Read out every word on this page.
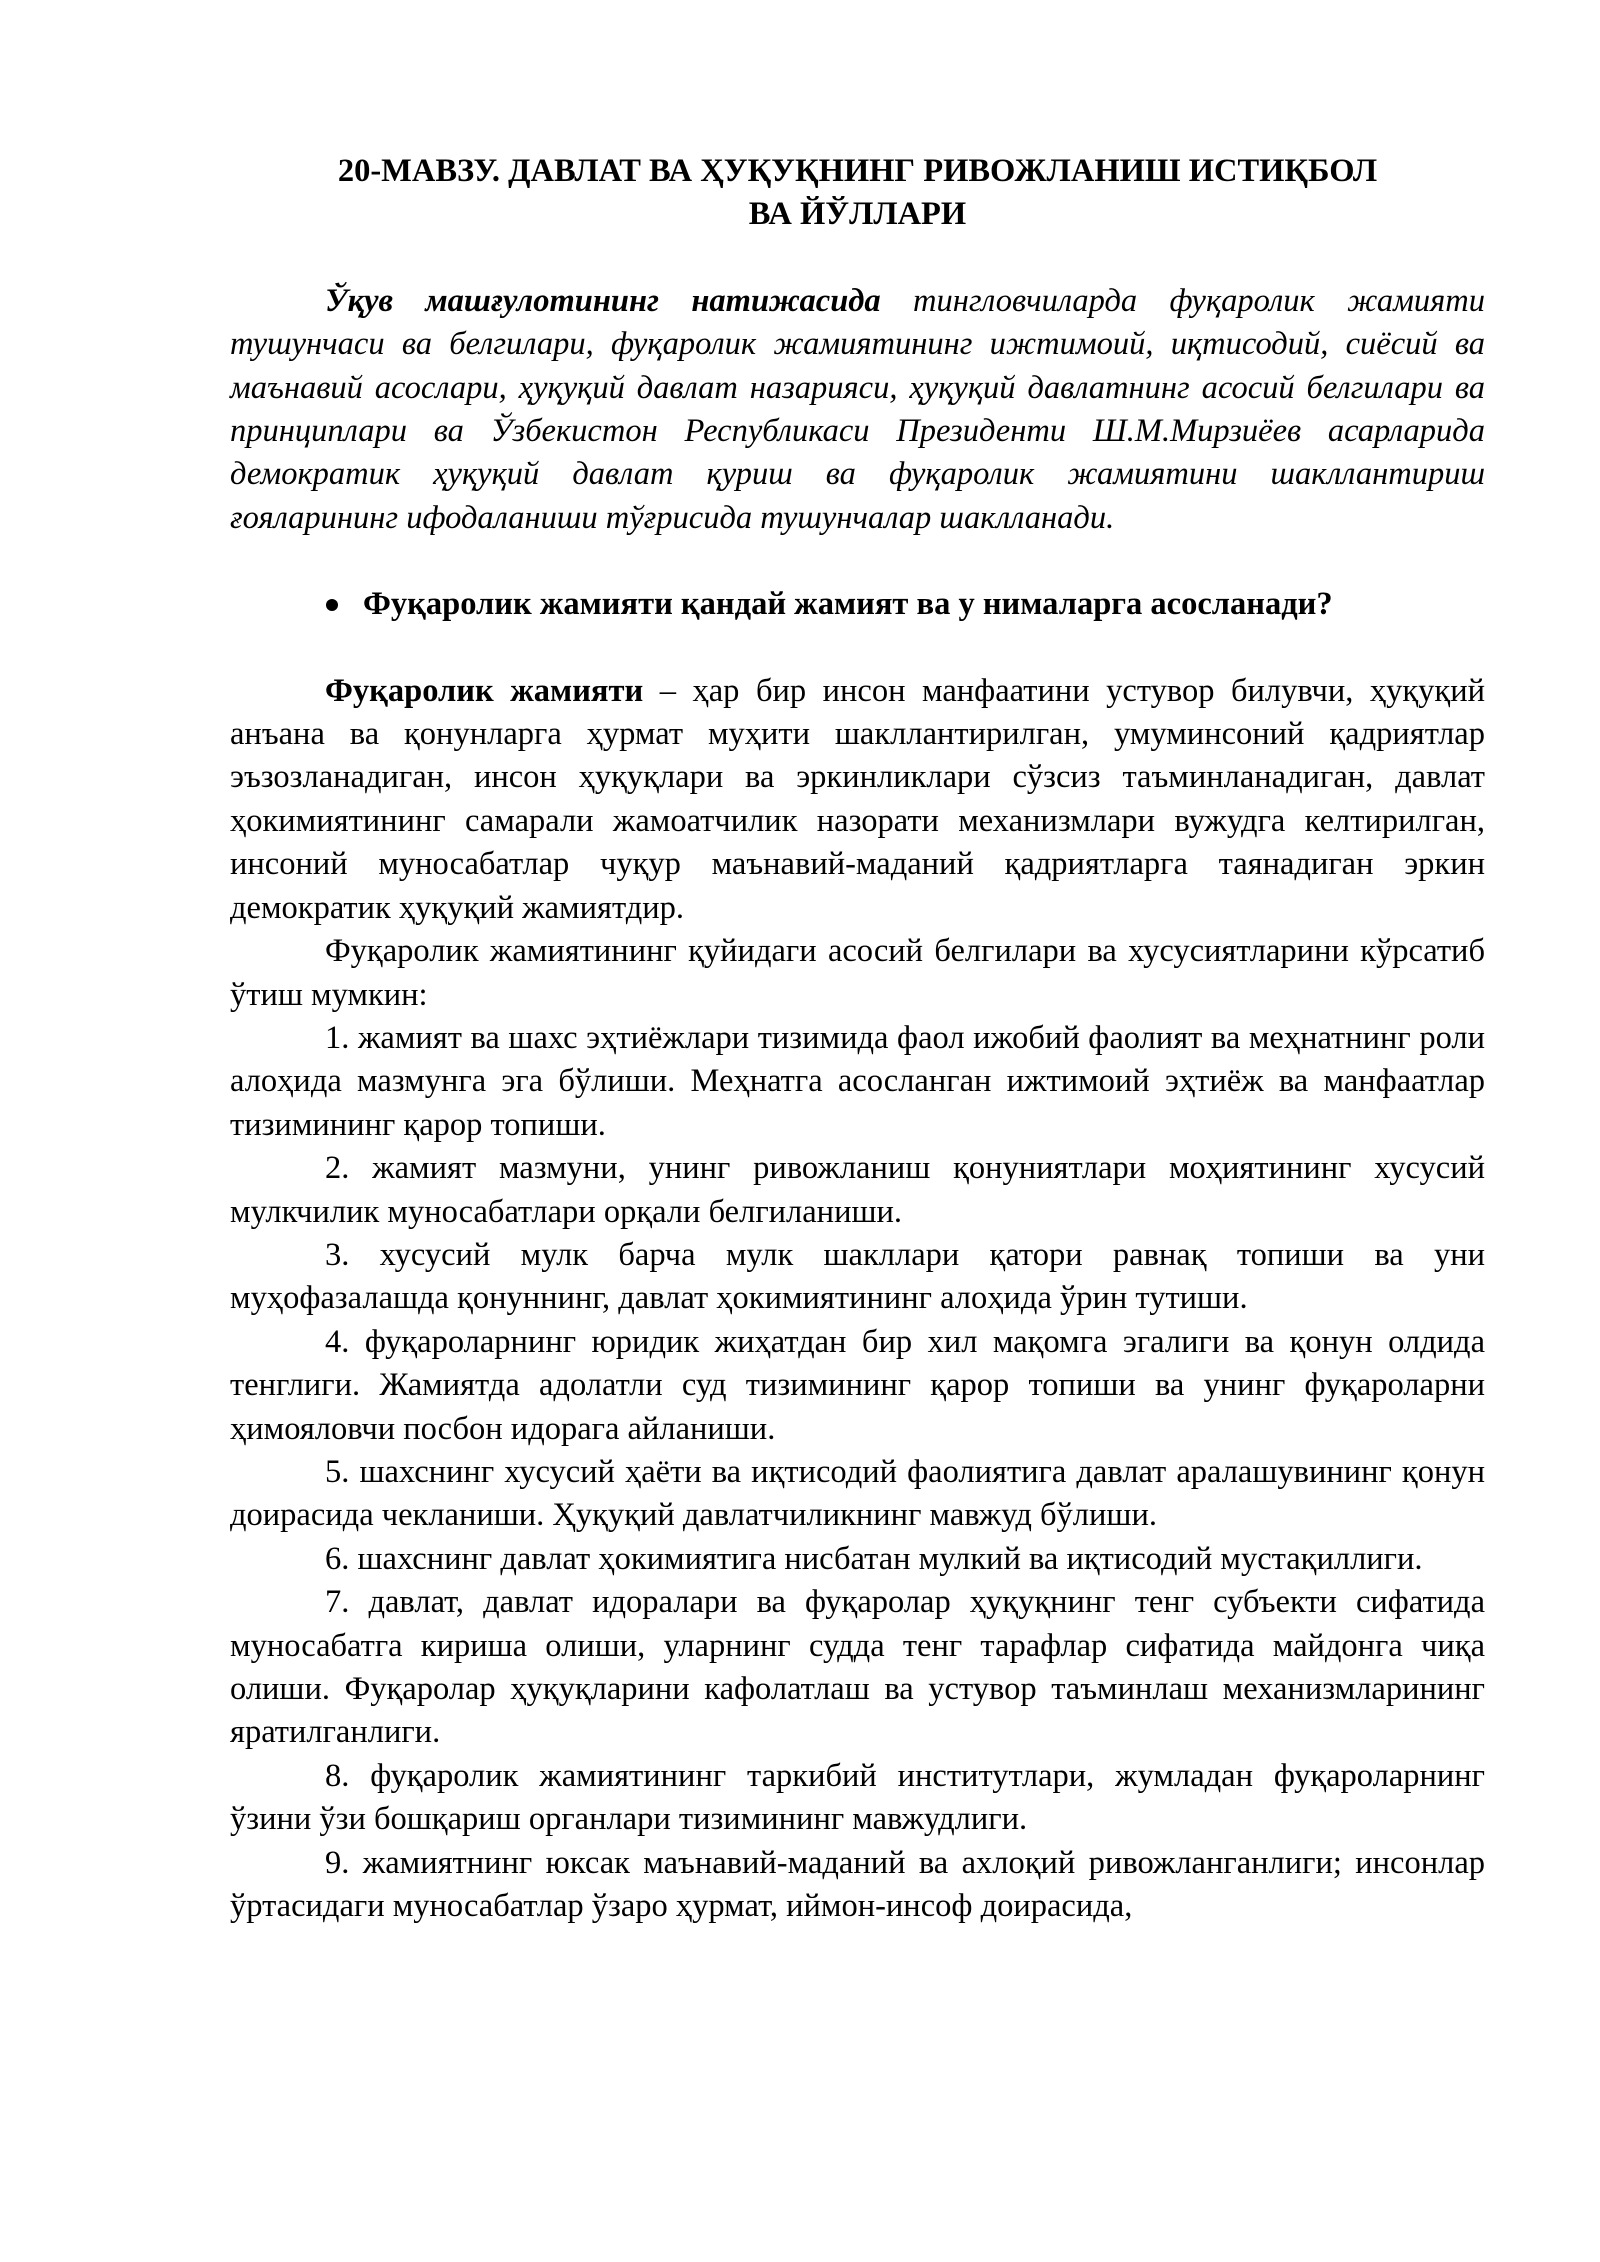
20-МАВЗУ. ДАВЛАТ ВА ҲУҚУҚНИНГ РИВОЖЛАНИШ ИСТИҚБОЛ
ВА ЙЎЛЛАРИ

Ўқув машғулотининг натижасида тингловчиларда фуқаролик жамияти тушунчаси ва белгилари, фуқаролик жамиятининг ижтимоий, иқтисодий, сиёсий ва маънавий асослари, ҳуқуқий давлат назарияси, ҳуқуқий давлатнинг асосий белгилари ва принциплари ва Ўзбекистон Республикаси Президенти Ш.М.Мирзиёев асарларида демократик ҳуқуқий давлат қуриш ва фуқаролик жамиятини шакллантириш ғояларининг ифодаланиши тўғрисида тушунчалар шаклланади.

Фуқаролик жамияти қандай жамият ва у нималарга асосланади?

Фуқаролик жамияти – ҳар бир инсон манфаатини устувор билувчи, ҳуқуқий анъана ва қонунларга ҳурмат муҳити шакллантирилган, умуминсоний қадриятлар эъзозланадиган, инсон ҳуқуқлари ва эркинликлари сўзсиз таъминланадиган, давлат ҳокимиятининг самарали жамоатчилик назорати механизмлари вужудга келтирилган, инсоний муносабатлар чуқур маънавий-маданий қадриятларга таянадиган эркин демократик ҳуқуқий жамиятдир.

Фуқаролик жамиятининг қуйидаги асосий белгилари ва хусусиятларини кўрсатиб ўтиш мумкин:

1. жамият ва шахс эҳтиёжлари тизимида фаол ижобий фаолият ва меҳнатнинг роли алоҳида мазмунга эга бўлиши. Меҳнатга асосланган ижтимоий эҳтиёж ва манфаатлар тизимининг қарор топиши.

2. жамият мазмуни, унинг ривожланиш қонуниятлари моҳиятининг хусусий мулкчилик муносабатлари орқали белгиланиши.

3. хусусий мулк барча мулк шакллари қатори равнақ топиши ва уни муҳофазалашда қонуннинг, давлат ҳокимиятининг алоҳида ўрин тутиши.

4. фуқароларнинг юридик жиҳатдан бир хил мақомга эгалиги ва қонун олдида тенглиги. Жамиятда адолатли суд тизимининг қарор топиши ва унинг фуқароларни ҳимояловчи посбон идорага айланиши.

5. шахснинг хусусий ҳаёти ва иқтисодий фаолиятига давлат аралашувининг қонун доирасида чекланиши. Ҳуқуқий давлатчиликнинг мавжуд бўлиши.

6. шахснинг давлат ҳокимиятига нисбатан мулкий ва иқтисодий мустақиллиги.

7. давлат, давлат идоралари ва фуқаролар ҳуқуқнинг тенг субъекти сифатида муносабатга кириша олиши, уларнинг судда тенг тарафлар сифатида майдонга чиқа олиши. Фуқаролар ҳуқуқларини кафолатлаш ва устувор таъминлаш механизмларининг яратилганлиги.

8. фуқаролик жамиятининг таркибий институтлари, жумладан фуқароларнинг ўзини ўзи бошқариш органлари тизимининг мавжудлиги.

9. жамиятнинг юксак маънавий-маданий ва ахлоқий ривожланганлиги; инсонлар ўртасидаги муносабатлар ўзаро ҳурмат, иймон-инсоф доирасида,
